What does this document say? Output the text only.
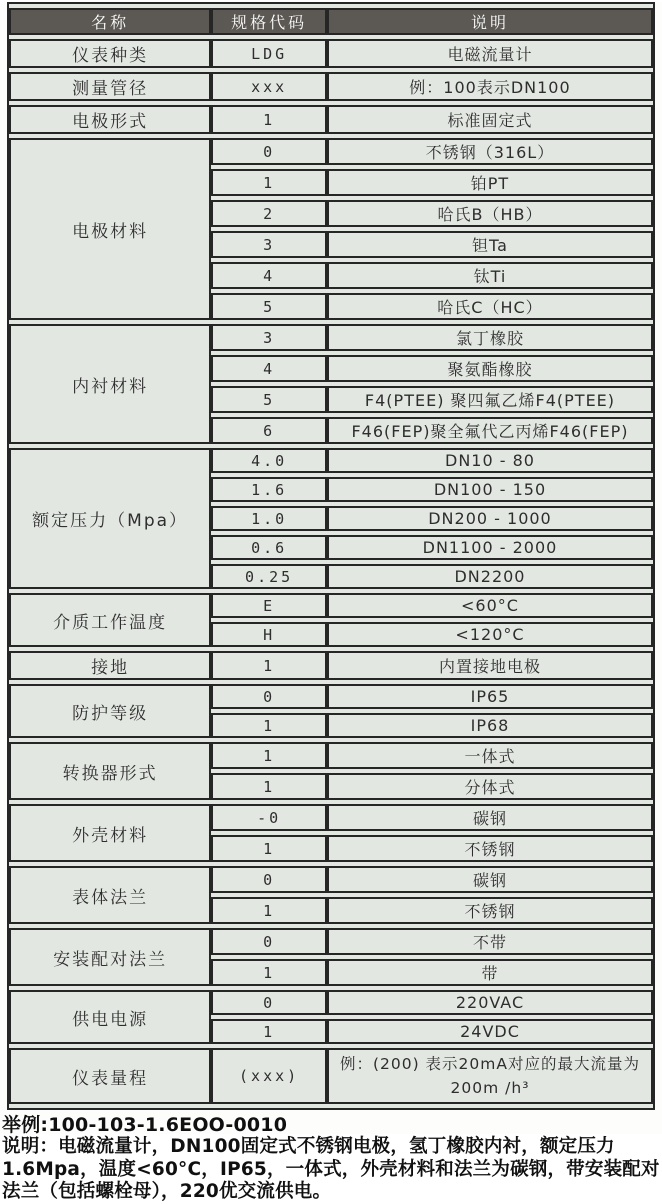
名称	规格代码	说明
仪表种类	LDG	电磁流量计
测量管径	xxx	例：100表示DN100
电极形式	1	标准固定式
电极材料	0	不锈钢（316L）
	1	铂PT
	2	哈氏B（HB）
	3	钽Ta
	4	钛Ti
	5	哈氏C（HC）
内衬材料	3	氯丁橡胶
	4	聚氨酯橡胶
	5	F4(PTEE) 聚四氟乙烯F4(PTEE)
	6	F46(FEP)聚全氟代乙丙烯F46(FEP)
额定压力（Mpa）	4.0	DN10 - 80
	1.6	DN100 - 150
	1.0	DN200 - 1000
	0.6	DN1100 - 2000
	0.25	DN2200
介质工作温度	E	<60°C
	H	<120°C
接地	1	内置接地电极
防护等级	0	IP65
	1	IP68
转换器形式	1	一体式
	1	分体式
外壳材料	-0	碳钢
	1	不锈钢
表体法兰	0	碳钢
	1	不锈钢
安装配对法兰	0	不带
	1	带
供电电源	0	220VAC
	1	24VDC
仪表量程	(xxx)	例：(200) 表示20mA对应的最大流量为200m /h³
举例:100-103-1.6EOO-0010
说明：电磁流量计，DN100固定式不锈钢电极，氢丁橡胶内衬，额定压力1.6Mpa，温度<60°C，IP65，一体式，外壳材料和法兰为碳钢，带安装配对法兰（包括螺栓母），220优交流供电。
